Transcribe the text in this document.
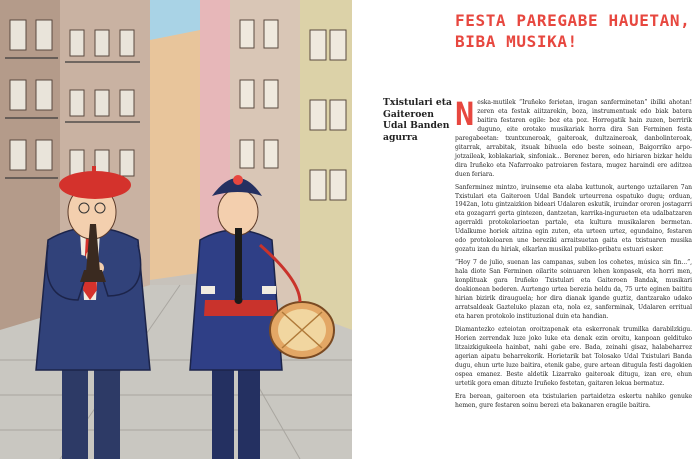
FESTA PAREGABE HAUETAN,
BIBA MUSIKA!
Txistulari eta
Gaiteroen
Udal Banden
agurra

Neska-mutilek “Iruñeko ferietan, iragan sanferminetan” ibilki ahotan! zeren eta festak aiitzarekin, boza, instrumentuak edo biak batera baitira festaren egile: boz eta poz. Horregatik hain zuzen, berririk duguno, eite orotako musikariak horra dira San Ferminen festa paregabeetan: txuntxuneroak, gaiteroak, dultzaineroak, danbolinteroak, gitarrak, arrabitak, itsuak bihuela edo beste soinean, Baigorriko arpo-jotzaileak, koblakariak, sinfoniak... Berenez beren, edo hiriaren bizkar heldu dira Iruñeko eta Nafarroako patroiaren festara, mugez haraindi ere aditzea duen feriara.

Sanferminez mintzo, iruinseme eta alaba kuttunok, aurtengo uztailaren 7an Txistulari eta Gaiteroen Udal Bandek urteurrena ospatuko dugu; orduan, 1942an, lotu gintzaizkion bideari Udalaren eskutik, iruindar ororen jostagarri eta gozagarri gerta gintezen, dantzetan, karrika-ingurueten eta udalbatzaren agerraldi protokolarioetan partale, eta kultura musikalaren bermetan. Udalkume horiek aitzina egin zuten, eta urteen urtez, egundaino, festaren edo protokoloaren une bereziki arraitsuetan gaita eta txistuaren musika gozatu izan du hiriak, elkarlan musikal publiko-pribatu estuari esker.

“Hoy 7 de julio, suenan las campanas, suben los cohetes, música sin fin...”, hala diote San Ferminen oilarite soinuaren lehen konpasek, eta horri men, konplituak gara Iruñeko Txistulari eta Gaiteroen Bandak, musikari doakionean bederen. Aurtengo urtea berezia heldu da, 75 urte eginen baititu hirian bizirik dirauguela; hor dira dianak igande guztiz, dantzarako udako arratsaldeak Gazteluko plazan eta, nola ez, sanferminak, Udalaren erritual eta haren protokolo instituzional duin eta handian.

Diamantezko ezteiotan oroitzapenak eta eskerronak trumilka darabilzkigu. Horien zerrendak luze joko luke eta denak ezin oroitu, kanpoan geldituko litzaizkigukeela hainbat, nahi gabe ere. Bada, zeinahi gisaz, halabeharrez agerian aipatu beharrekorik. Horietarik bat Tolosako Udal Txistulari Banda dugu, ehun urte luze baitira, etenik gabe, gure artean ditugula festi dagokien ospea emanez. Beste aldetik Lizarrako gaiteroak ditugu, izan ere, ehun urtetik gora eman dituzte Iruñeko festetan, gaitaren lekua bermatuz.

Era berean, gaiteroen eta txistularien partaidetza eskertu nahiko genuke hemen, gure festaren soinu berezi eta bakanaren eragile baitira.
